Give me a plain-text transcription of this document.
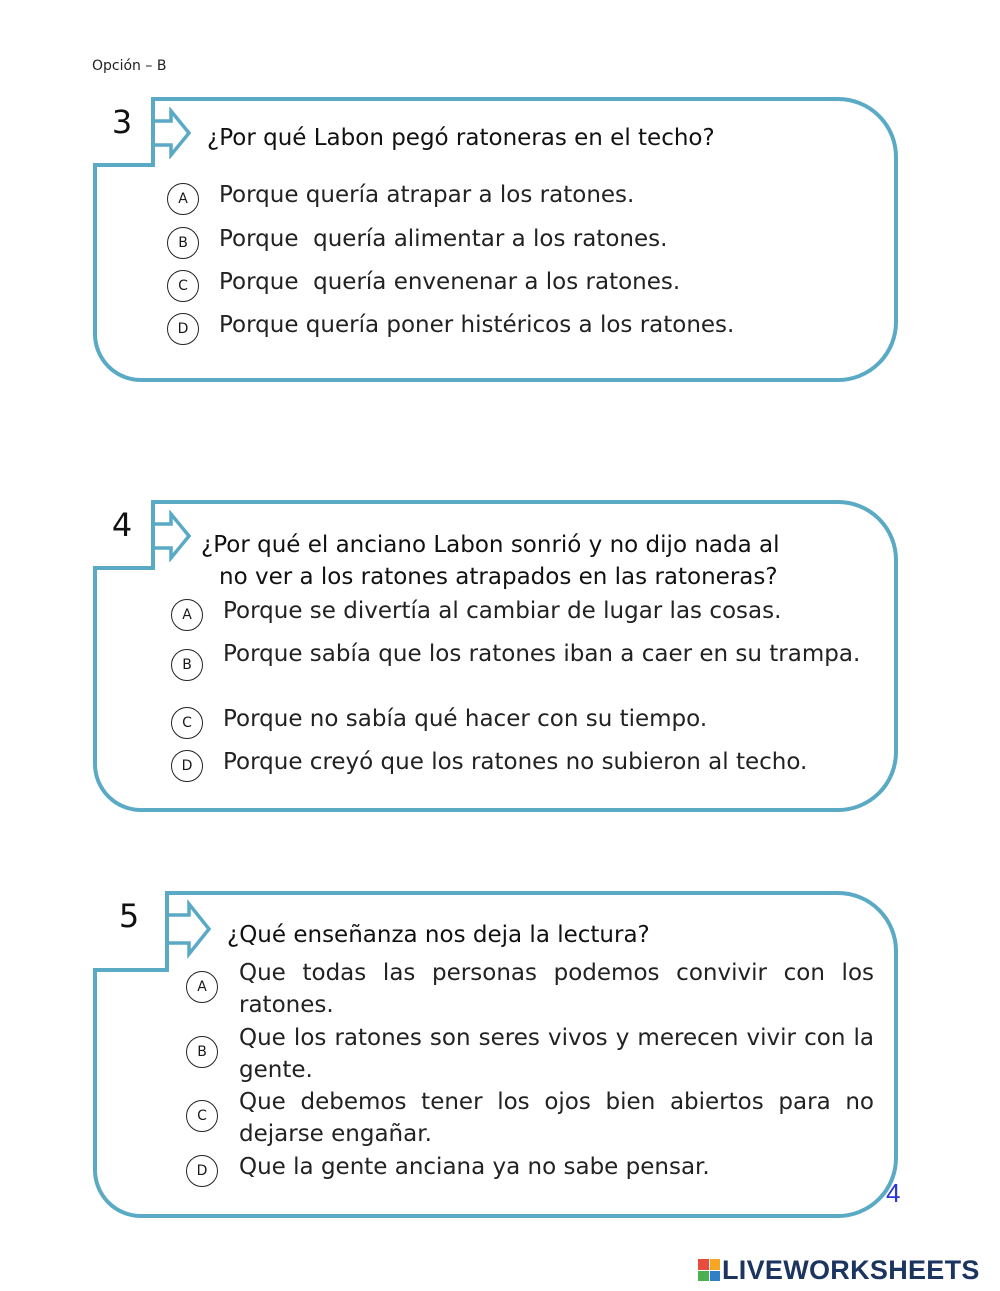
Opción – B
3	¿Por qué Labon pegó ratoneras en el techo?
A	Porque quería atrapar a los ratones.
B	Porque  quería alimentar a los ratones.
C	Porque  quería envenenar a los ratones.
D	Porque quería poner histéricos a los ratones.
4
¿Por qué el anciano Labon sonrió y no dijo nada al
no ver a los ratones atrapados en las ratoneras?
A	Porque se divertía al cambiar de lugar las cosas.
B	Porque sabía que los ratones iban a caer en su trampa.
C	Porque no sabía qué hacer con su tiempo.
D	Porque creyó que los ratones no subieron al techo.
5	¿Qué enseñanza nos deja la lectura?
A
Que todas las personas podemos convivir con los ratones.
B
Que los ratones son seres vivos y merecen vivir con la gente.
C
Que debemos tener los ojos bien abiertos para no dejarse engañar.
D	Que la gente anciana ya no sabe pensar.
4
LIVEWORKSHEETS
